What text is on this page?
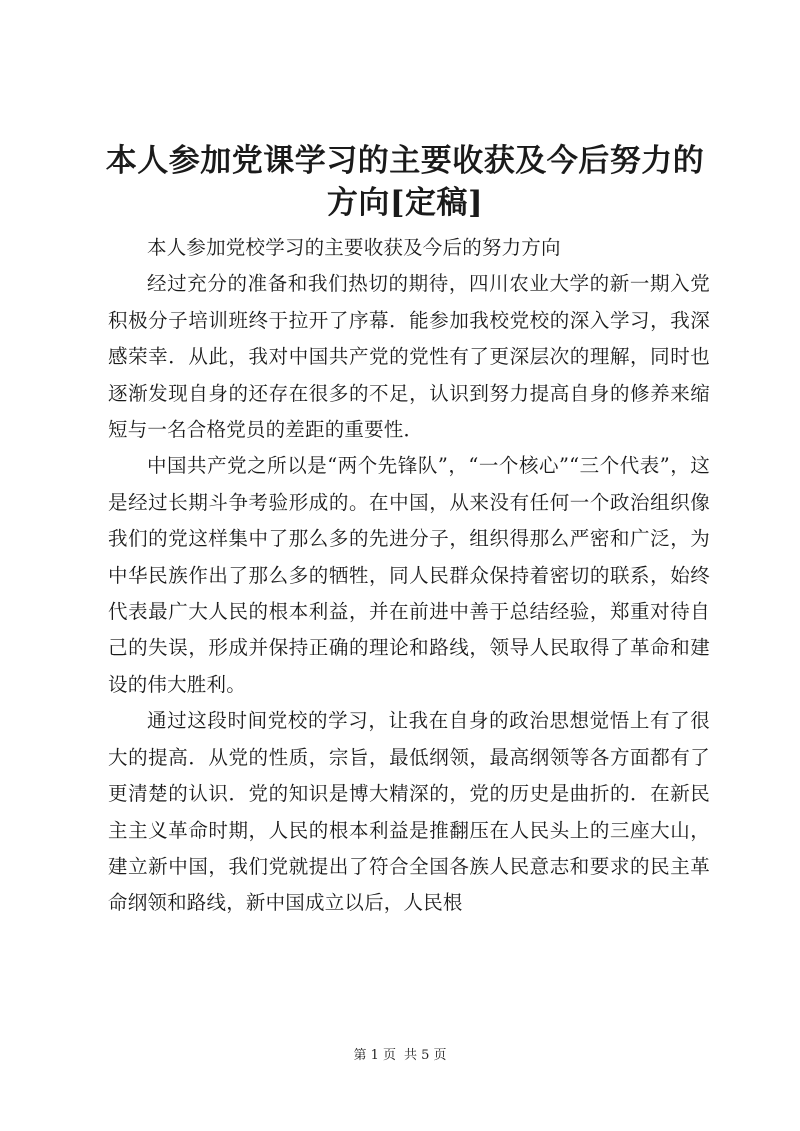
本人参加党课学习的主要收获及今后努力的方向[定稿]

本人参加党校学习的主要收获及今后的努力方向

经过充分的准备和我们热切的期待，四川农业大学的新一期入党积极分子培训班终于拉开了序幕．能参加我校党校的深入学习，我深感荣幸．从此，我对中国共产党的党性有了更深层次的理解，同时也逐渐发现自身的还存在很多的不足，认识到努力提高自身的修养来缩短与一名合格党员的差距的重要性．

中国共产党之所以是“两个先锋队”，“一个核心”“三个代表”，这是经过长期斗争考验形成的。在中国，从来没有任何一个政治组织像我们的党这样集中了那么多的先进分子，组织得那么严密和广泛，为中华民族作出了那么多的牺牲，同人民群众保持着密切的联系，始终代表最广大人民的根本利益，并在前进中善于总结经验，郑重对待自己的失误，形成并保持正确的理论和路线，领导人民取得了革命和建设的伟大胜利。

通过这段时间党校的学习，让我在自身的政治思想觉悟上有了很大的提高．从党的性质，宗旨，最低纲领，最高纲领等各方面都有了更清楚的认识．党的知识是博大精深的，党的历史是曲折的．在新民主主义革命时期，人民的根本利益是推翻压在人民头上的三座大山，建立新中国，我们党就提出了符合全国各族人民意志和要求的民主革命纲领和路线，新中国成立以后，人民根

第 1 页 共 5 页
